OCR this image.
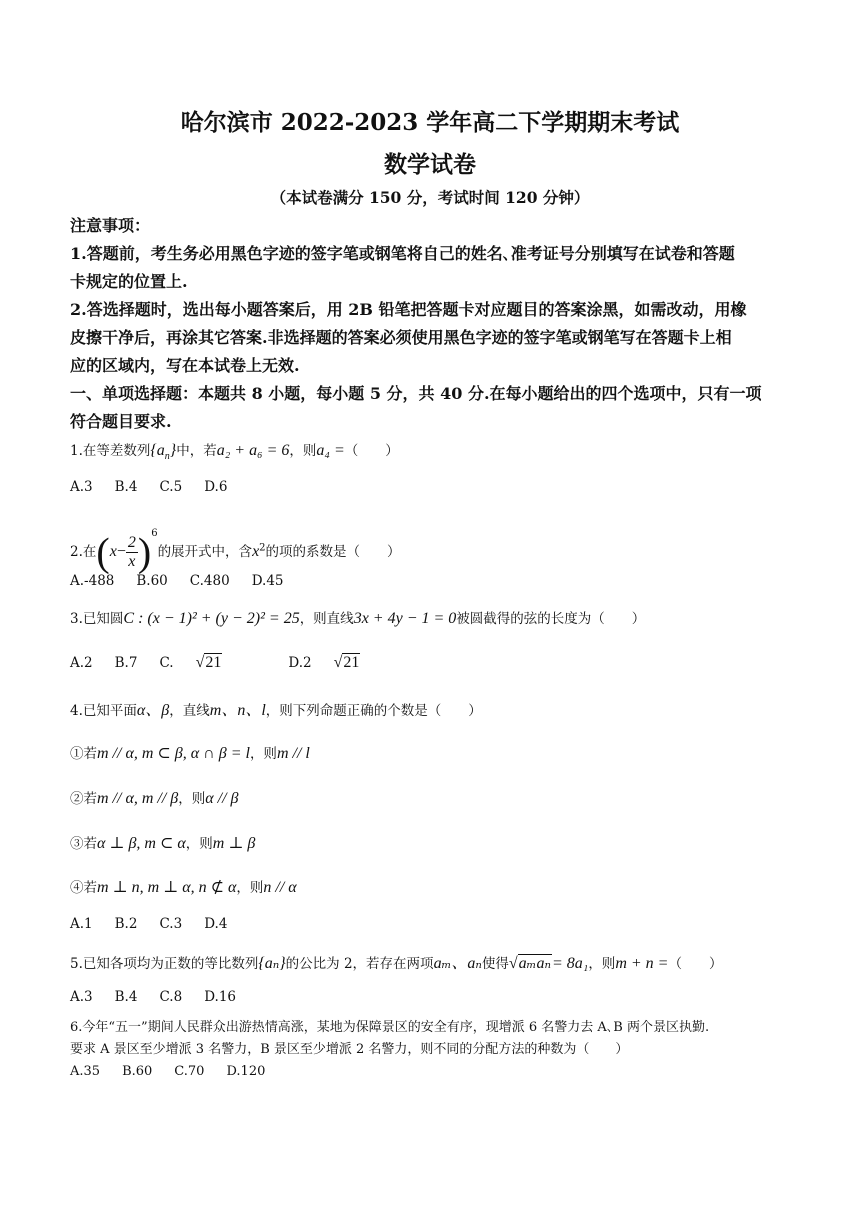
哈尔滨市 2022-2023 学年高二下学期期末考试
数学试卷
（本试卷满分 150 分，考试时间 120 分钟）
注意事项：
1.答题前，考生务必用黑色字迹的签字笔或钢笔将自己的姓名､准考证号分别填写在试卷和答题
卡规定的位置上.
2.答选择题时，选出每小题答案后，用 2B 铅笔把答题卡对应题目的答案涂黑，如需改动，用橡
皮擦干净后，再涂其它答案.非选择题的答案必须使用黑色字迹的签字笔或钢笔写在答题卡上相
应的区域内，写在本试卷上无效.
一、单项选择题：本题共 8 小题，每小题 5 分，共 40 分.在每小题给出的四个选项中，只有一项
符合题目要求.
1.在等差数列$\{a_n\}$中，若a₂ + a₆ = 6，则a₄ =（　　）
A.3 B.4 C.5 D.6
2.在$(x- \frac{2}{x} )^6$的展开式中，含$x^2$的项的系数是（　　）
A.-488 B.60 C.480 D.45
3.已知圆C : (x − 1)² + (y − 2)² = 25，则直线3x + 4y − 1 = 0被圆截得的弦的长度为（　　）
A.2 B.7 C. √21	D.2 √21
4.已知平面α、β，直线m、n、l，则下列命题正确的个数是（　　）
①若m // α, m ⊂ β, α ∩ β = l，则m // l
②若m // α, m // β，则α // β
③若α ⊥ β, m ⊂ α，则m ⊥ β
④若m ⊥ n, m ⊥ α, n ⊄ α，则n // α
A.1 B.2 C.3 D.4
5.已知各项均为正数的等比数列{aₙ}的公比为 2，若存在两项aₘ、aₙ使得√aₘaₙ= 8a₁，则m + n =（　　）
A.3 B.4 C.8 D.16
6.今年“五一”期间人民群众出游热情高涨，某地为保障景区的安全有序，现增派 6 名警力去 A､B 两个景区执勤.
要求 A 景区至少增派 3 名警力，B 景区至少增派 2 名警力，则不同的分配方法的种数为（　　）
A.35 B.60 C.70 D.120
